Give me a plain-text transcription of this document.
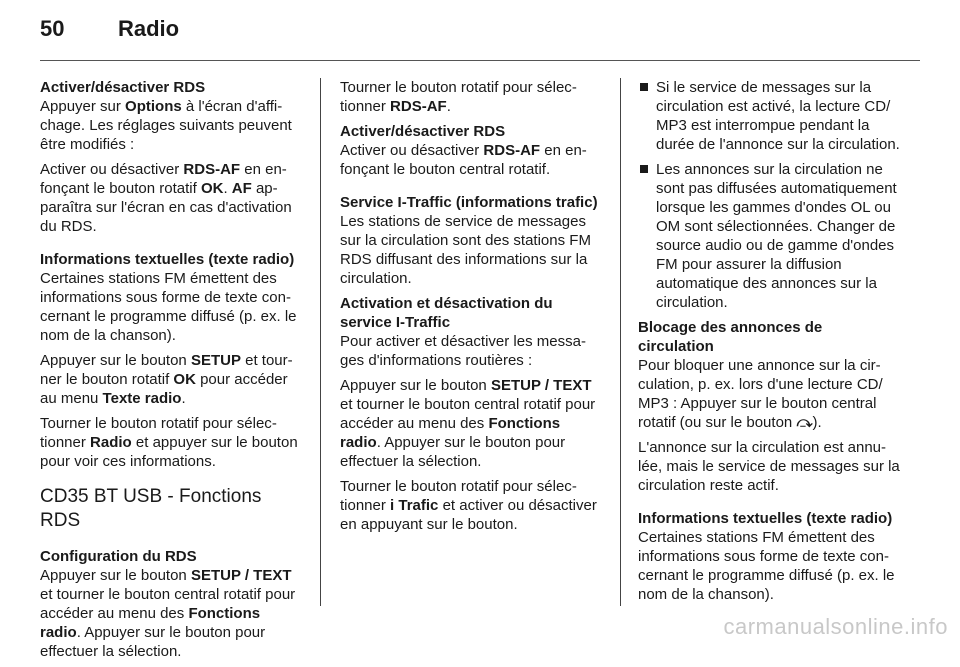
50 Radio

Activer/désactiver RDS

Appuyer sur Options à l'écran d'affichage. Les réglages suivants peuvent être modifiés :

Activer ou désactiver RDS-AF en enfonçant le bouton rotatif OK. AF apparaîtra sur l'écran en cas d'activation du RDS.

Informations textuelles (texte radio)

Certaines stations FM émettent des informations sous forme de texte concernant le programme diffusé (p. ex. le nom de la chanson).

Appuyer sur le bouton SETUP et tourner le bouton rotatif OK pour accéder au menu Texte radio.

Tourner le bouton rotatif pour sélectionner Radio et appuyer sur le bouton pour voir ces informations.

CD35 BT USB - Fonctions RDS

Configuration du RDS

Appuyer sur le bouton SETUP / TEXT et tourner le bouton central rotatif pour accéder au menu des Fonctions radio. Appuyer sur le bouton pour effectuer la sélection.

Tourner le bouton rotatif pour sélectionner RDS-AF.

Activer/désactiver RDS

Activer ou désactiver RDS-AF en enfonçant le bouton central rotatif.

Service I-Traffic (informations trafic)

Les stations de service de messages sur la circulation sont des stations FM RDS diffusant des informations sur la circulation.

Activation et désactivation du service I-Traffic

Pour activer et désactiver les messages d'informations routières :

Appuyer sur le bouton SETUP / TEXT et tourner le bouton central rotatif pour accéder au menu des Fonctions radio. Appuyer sur le bouton pour effectuer la sélection.

Tourner le bouton rotatif pour sélectionner i Trafic et activer ou désactiver en appuyant sur le bouton.

Si le service de messages sur la circulation est activé, la lecture CD/ MP3 est interrompue pendant la durée de l'annonce sur la circulation.
Les annonces sur la circulation ne sont pas diffusées automatiquement lorsque les gammes d'ondes OL ou OM sont sélectionnées. Changer de source audio ou de gamme d'ondes FM pour assurer la diffusion automatique des annonces sur la circulation.

Blocage des annonces de circulation

Pour bloquer une annonce sur la circulation, p. ex. lors d'une lecture CD/ MP3 : Appuyer sur le bouton central rotatif (ou sur le bouton ⤼).

L'annonce sur la circulation est annulée, mais le service de messages sur la circulation reste actif.

Informations textuelles (texte radio)

Certaines stations FM émettent des informations sous forme de texte concernant le programme diffusé (p. ex. le nom de la chanson).

carmanualsonline.info
